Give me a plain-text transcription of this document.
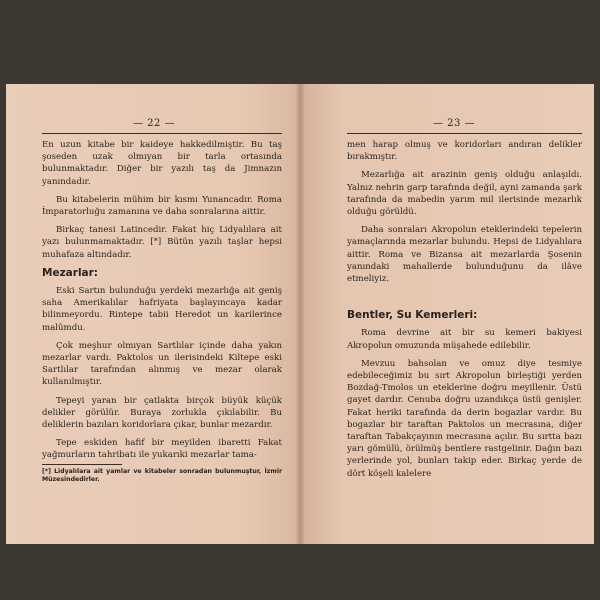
— 22 —

En uzun kitabe bir kaideye hakkedilmiştir. Bu taş şoseden uzak olmıyan bir tarla ortasında bulunmaktadır. Diğer bir yazılı taş da Jimnazın yanındadır.

Bu kitabelerin mühim bir kısmı Yunancadır. Roma İmparatorluğu zamanına ve daha sonralarına aittir.

Birkaç tanesi Latincedir. Fakat hiç Lidyalılara ait yazı bulunmamaktadır. [*] Bütün yazılı taşlar hepsi muhafaza altındadır.

Mezarlar:

Eski Sartın bulunduğu yerdeki mezarlığa ait geniş saha Amerikalılar hafriyata başlayıncaya kadar bilinmeyordu. Rintepe tabii Heredot un karilerince malûmdu.

Çok meşhur olmıyan Sartlılar içinde daha yakın mezarlar vardı. Paktolos un ilerisindeki Kiltepe eski Sartlılar tarafından alınmış ve mezar olarak kullanılmıştır.

Tepeyi yaran bir çatlakta birçok büyük küçük delikler görülür. Buraya zorlukla çıkılabilir. Bu deliklerin bazıları koridorlara çıkar, bunlar mezardır.

Tepe eskiden hafif bir meyilden ibaretti Fakat yağmurların tahribatı ile yukarıki mezarlar tama-

[*] Lidyalılara ait yamlar ve kitabeler sonradan bulunmuştur, İzmir Müzesindedirler.
— 23 —

men harap olmuş ve koridorları andıran delikler bırakmıştır.

Mezarlığa ait arazinin geniş olduğu anlaşıldı. Yalnız nehrin garp tarafında değil, ayni zamanda şark tarafında da mabedin yarım mil ilerisinde mezarlık olduğu görüldü.

Daha sonraları Akropolun eteklerindeki tepelerin yamaçlarında mezarlar bulundu. Hepsi de Lidyalılara aittir. Roma ve Bizansa ait mezarlarda Şosenin yanındaki mahallerde bulunduğunu da ilâve etmeliyiz.

Bentler, Su Kemerleri:

Roma devrine ait bir su kemeri bakiyesi Akropolun omuzunda müşahede edilebilir.

Mevzuu bahsolan ve omuz diye tesmiye edebileceğimiz bu sırt Akropolun birleştiği yerden Bozdağ-Tmolos un eteklerine doğru meyillenir. Üstü gayet dardır. Cenuba doğru uzandıkça üstü genişler. Fakat heriki tarafında da derin bogazlar vardır. Bu bogazlar bir taraftan Paktolos un mecrasına, diğer taraftan Tabakçayının mecrasına açılır. Bu sırtta bazı yarı gömülü, örülmüş bentlere rastgelinir. Dağın bazı yerlerinde yol, bunları takip eder. Birkaç yerde de dört köşeli kalelere
